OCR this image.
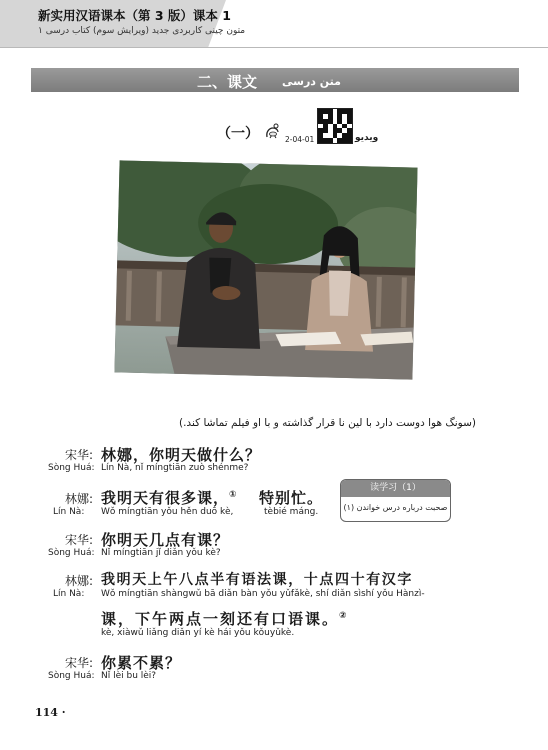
新实用汉语课本（第 3 版）课本 1
متون چینی کاربردی جدید (ویرایش سوم) کتاب درسی ۱
二、课文 متن درسی
（一）	2-04-01	ویدیو
(سونگ هوا دوست دارد با لین نا قرار گذاشته و با او فیلم تماشا کند.)
宋华:
Sòng Huá:
林娜，你明天做什么？
Lín Nà, nǐ míngtiān zuò shénme?
林娜:
Lín Nà:
我明天有很多课，① 特别忙。
Wǒ míngtiān yǒu hěn duō kè,	tèbié máng.
读学习（1）
صحبت درباره درس خواندن (۱)
宋华:
Sòng Huá:
你明天几点有课？
Nǐ míngtiān jǐ diǎn yǒu kè?
林娜:
Lín Nà:
我明天上午八点半有语法课，十点四十有汉字
Wǒ míngtiān shàngwǔ bā diǎn bàn yǒu yǔfǎkè, shí diǎn sìshí yǒu Hànzì-
课，下午两点一刻还有口语课。②
kè, xiàwǔ liǎng diǎn yí kè hái yǒu kǒuyǔkè.
宋华:
Sòng Huá:
你累不累？
Nǐ lèi bu lèi?
114 ·
